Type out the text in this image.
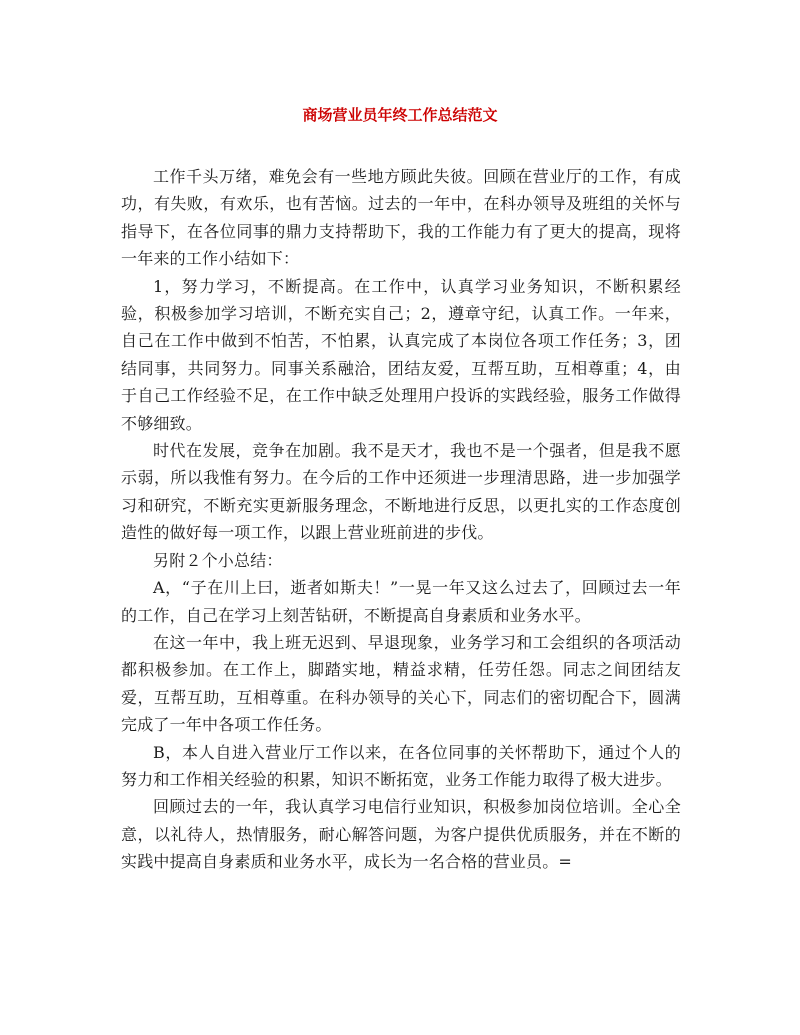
商场营业员年终工作总结范文

工作千头万绪，难免会有一些地方顾此失彼。回顾在营业厅的工作，有成功，有失败，有欢乐，也有苦恼。过去的一年中，在科办领导及班组的关怀与指导下，在各位同事的鼎力支持帮助下，我的工作能力有了更大的提高，现将一年来的工作小结如下：

1，努力学习，不断提高。在工作中，认真学习业务知识，不断积累经验，积极参加学习培训，不断充实自己；2，遵章守纪，认真工作。一年来，自己在工作中做到不怕苦，不怕累，认真完成了本岗位各项工作任务；3，团结同事，共同努力。同事关系融洽，团结友爱，互帮互助，互相尊重；4，由于自己工作经验不足，在工作中缺乏处理用户投诉的实践经验，服务工作做得不够细致。

时代在发展，竞争在加剧。我不是天才，我也不是一个强者，但是我不愿示弱，所以我惟有努力。在今后的工作中还须进一步理清思路，进一步加强学习和研究，不断充实更新服务理念，不断地进行反思，以更扎实的工作态度创造性的做好每一项工作，以跟上营业班前进的步伐。

另附２个小总结：

A，“子在川上曰，逝者如斯夫！”一晃一年又这么过去了，回顾过去一年的工作，自己在学习上刻苦钻研，不断提高自身素质和业务水平。

在这一年中，我上班无迟到、早退现象，业务学习和工会组织的各项活动都积极参加。在工作上，脚踏实地，精益求精，任劳任怨。同志之间团结友爱，互帮互助，互相尊重。在科办领导的关心下，同志们的密切配合下，圆满完成了一年中各项工作任务。

B，本人自进入营业厅工作以来，在各位同事的关怀帮助下，通过个人的努力和工作相关经验的积累，知识不断拓宽，业务工作能力取得了极大进步。

回顾过去的一年，我认真学习电信行业知识，积极参加岗位培训。全心全意，以礼待人，热情服务，耐心解答问题，为客户提供优质服务，并在不断的实践中提高自身素质和业务水平，成长为一名合格的营业员。=
